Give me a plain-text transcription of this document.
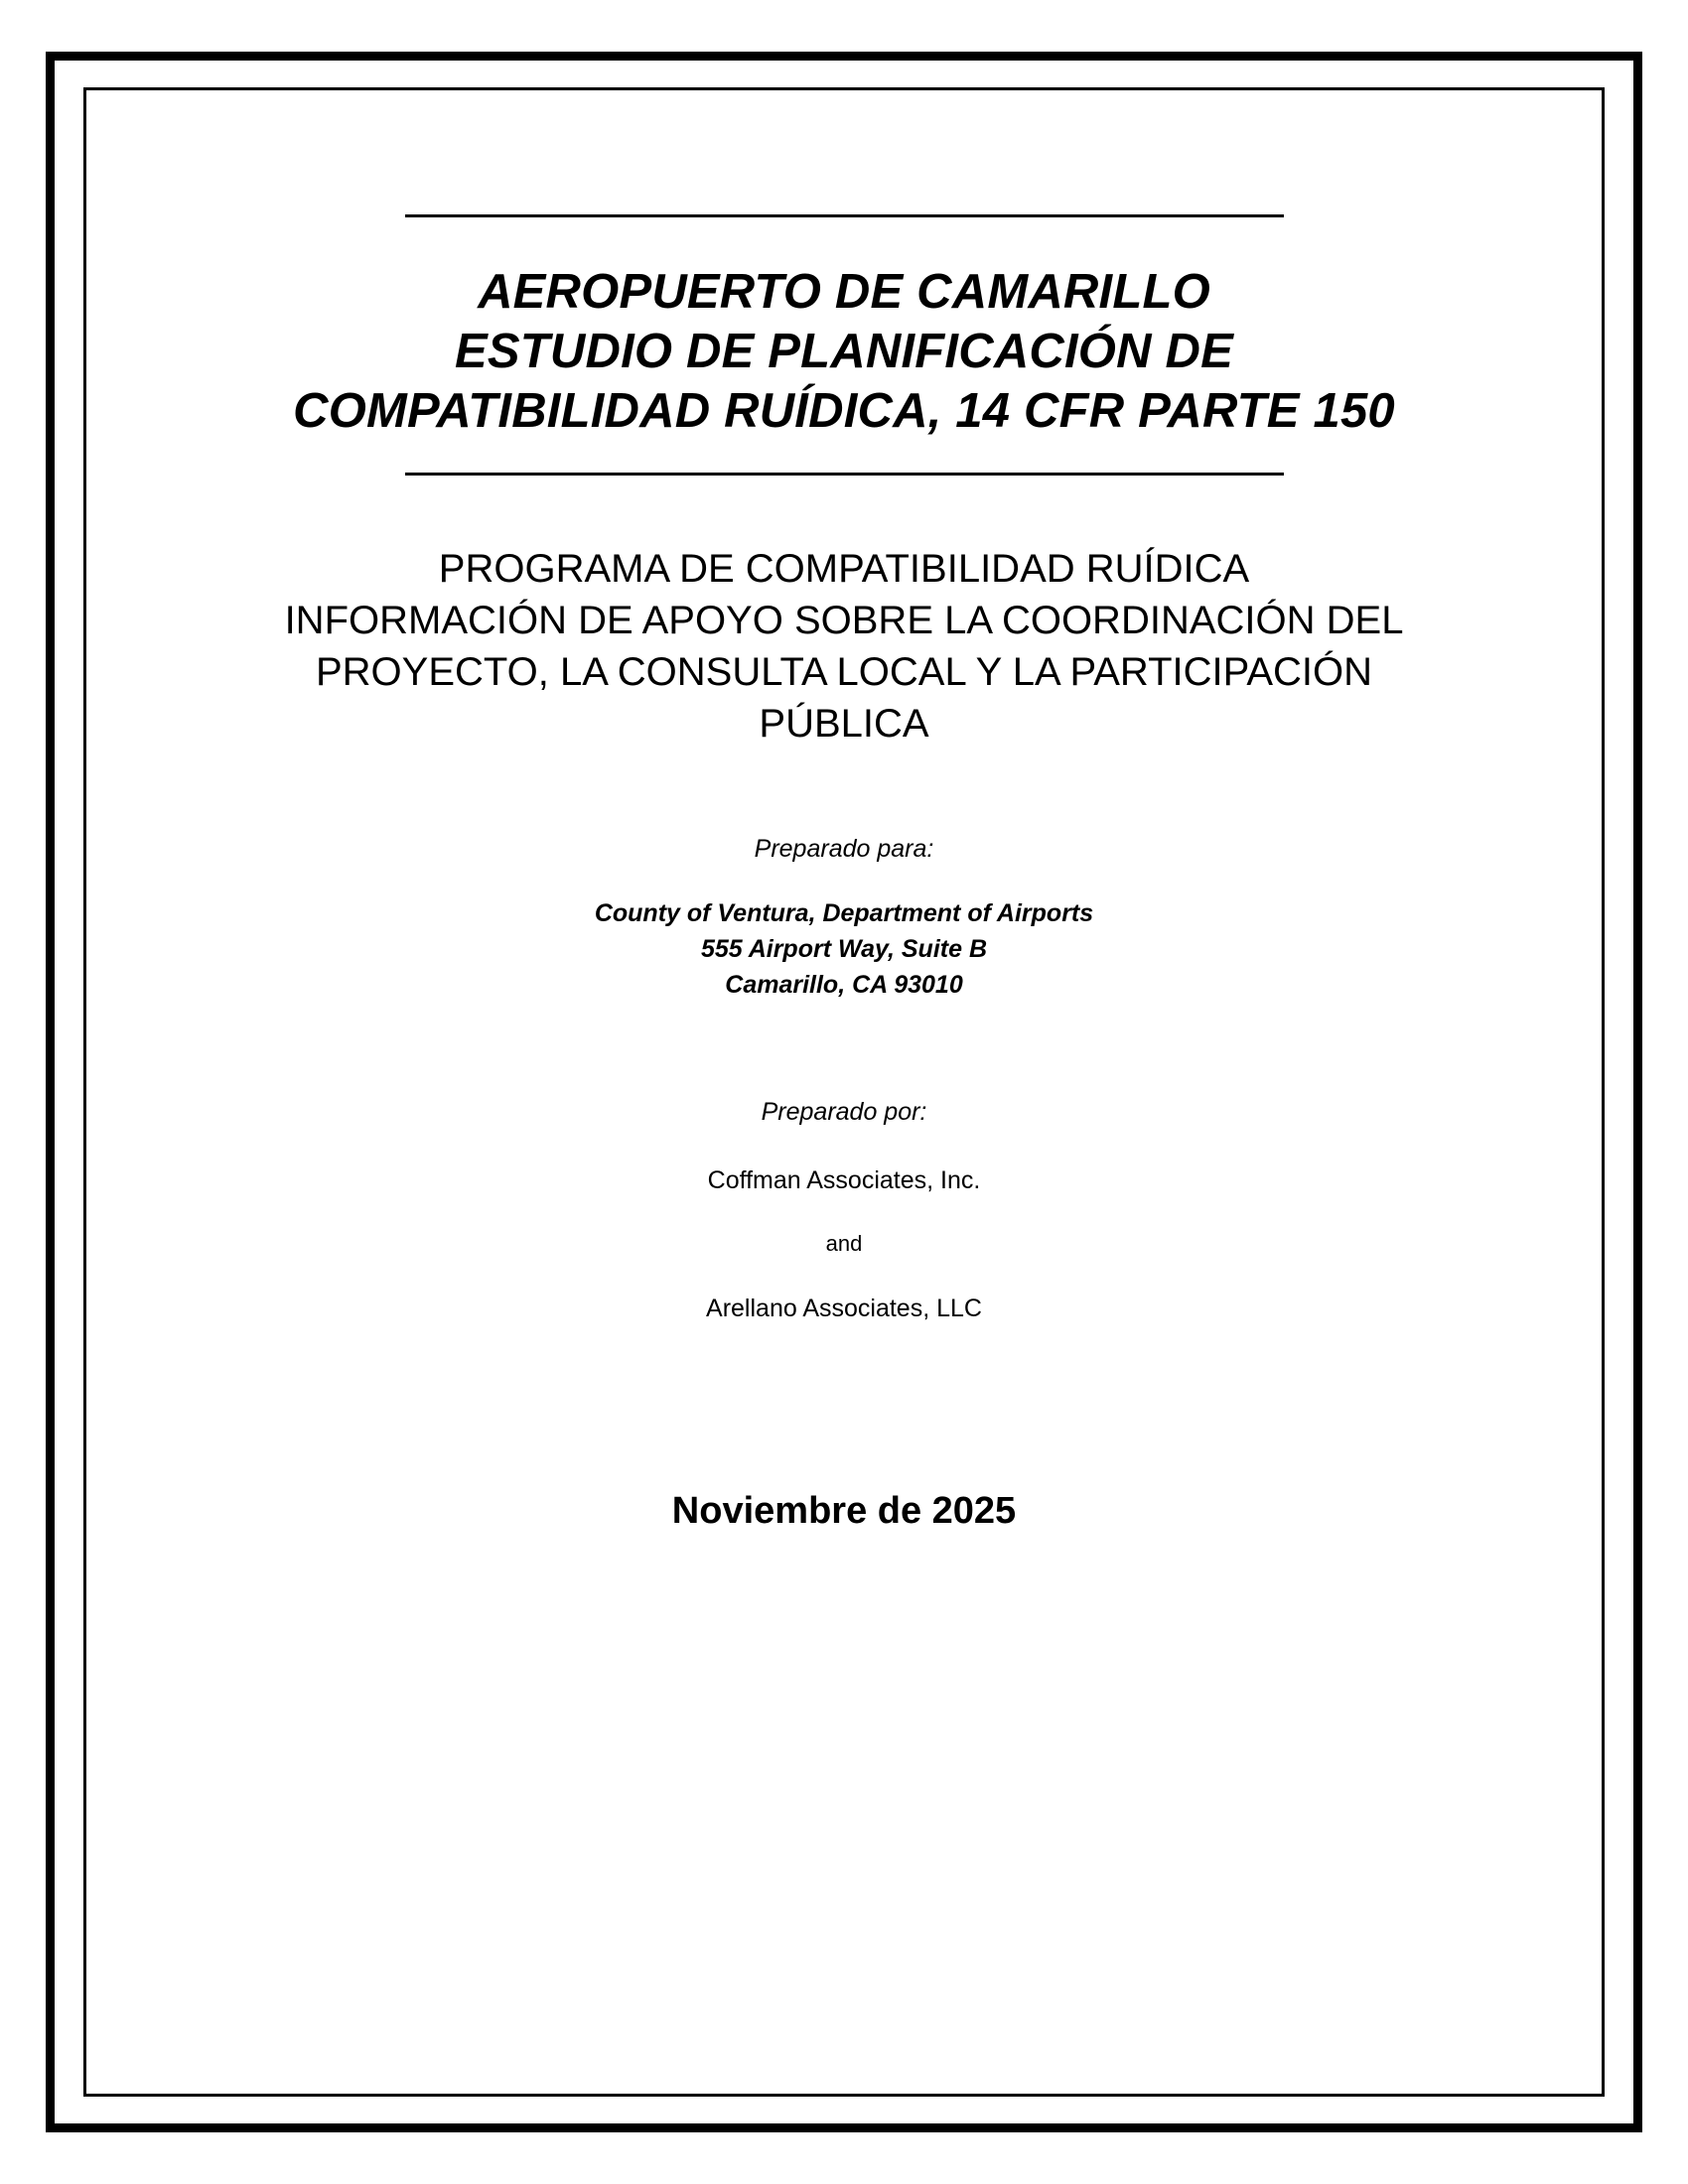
AEROPUERTO DE CAMARILLO
ESTUDIO DE PLANIFICACIÓN DE
COMPATIBILIDAD RUÍDICA, 14 CFR PARTE 150
PROGRAMA DE COMPATIBILIDAD RUÍDICA
INFORMACIÓN DE APOYO SOBRE LA COORDINACIÓN DEL
PROYECTO, LA CONSULTA LOCAL Y LA PARTICIPACIÓN
PÚBLICA
Preparado para:
County of Ventura, Department of Airports
555 Airport Way, Suite B
Camarillo, CA 93010
Preparado por:
Coffman Associates, Inc.
and
Arellano Associates, LLC
Noviembre de 2025
